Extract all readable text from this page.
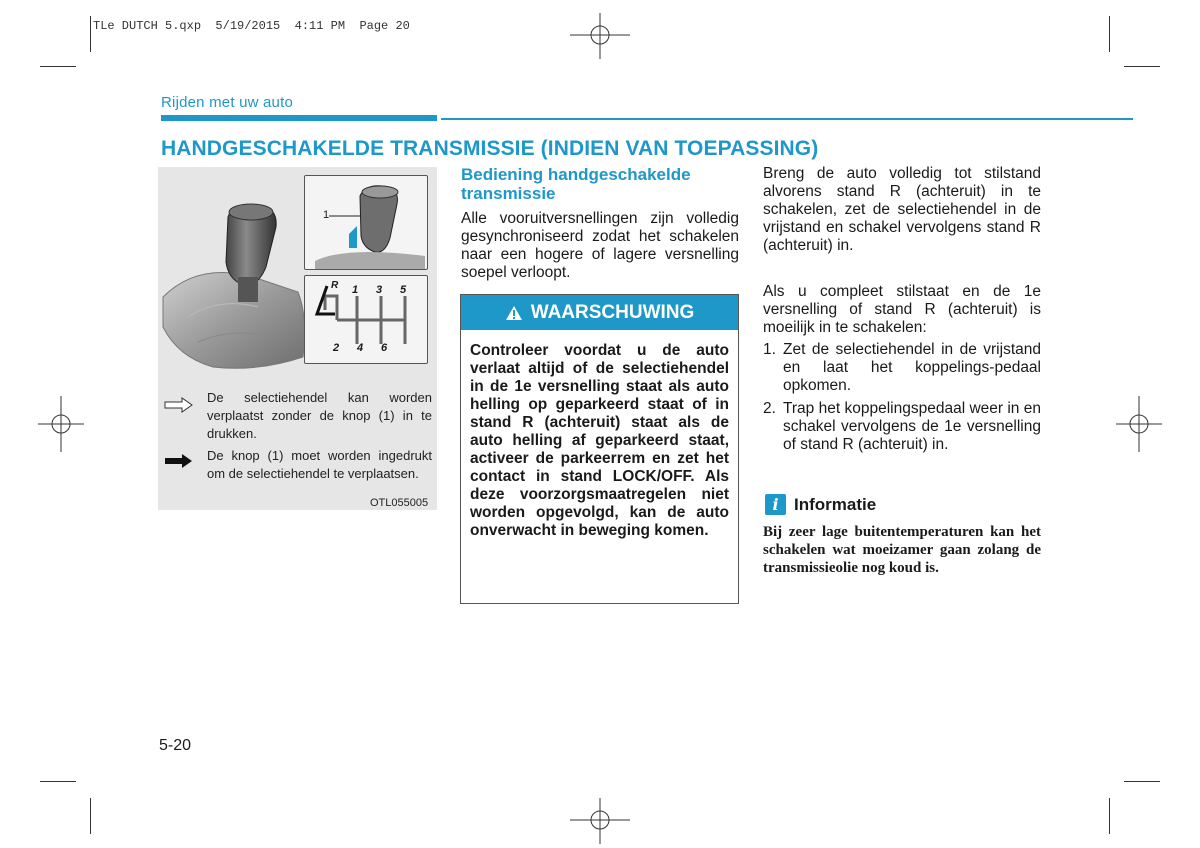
TLe DUTCH 5.qxp  5/19/2015  4:11 PM  Page 20
Rijden met uw auto
HANDGESCHAKELDE TRANSMISSIE (INDIEN VAN TOEPASSING)
1
R 1 3 5
2 4 6
De selectiehendel kan worden verplaatst zonder de knop (1) in te drukken.
De knop (1) moet worden ingedrukt om de selectiehendel te verplaatsen.
OTL055005
Bediening handgeschakelde transmissie
Alle vooruitversnellingen zijn volledig gesynchroniseerd zodat het schakelen naar een hogere of lagere versnelling soepel verloopt.
WAARSCHUWING
Controleer voordat u de auto verlaat altijd of de selectiehendel in de 1e versnelling staat als auto helling op geparkeerd staat of in stand R (achteruit) staat als de auto helling af geparkeerd staat, activeer de parkeerrem en zet het contact in stand LOCK/OFF. Als deze voorzorgsmaatregelen niet worden opgevolgd, kan de auto onverwacht in beweging komen.
Breng de auto volledig tot stilstand alvorens stand R (achteruit) in te schakelen, zet de selectiehendel in de vrijstand en schakel vervolgens stand R (achteruit) in.
Als u compleet stilstaat en de 1e versnelling of stand R (achteruit) is moeilijk in te schakelen:
1. Zet de selectiehendel in de vrijstand en laat het koppelings-pedaal opkomen.
2. Trap het koppelingspedaal weer in en schakel vervolgens de 1e versnelling of stand R (achteruit) in.
i Informatie
Bij zeer lage buitentemperaturen kan het schakelen wat moeizamer gaan zolang de transmissieolie nog koud is.
5-20
